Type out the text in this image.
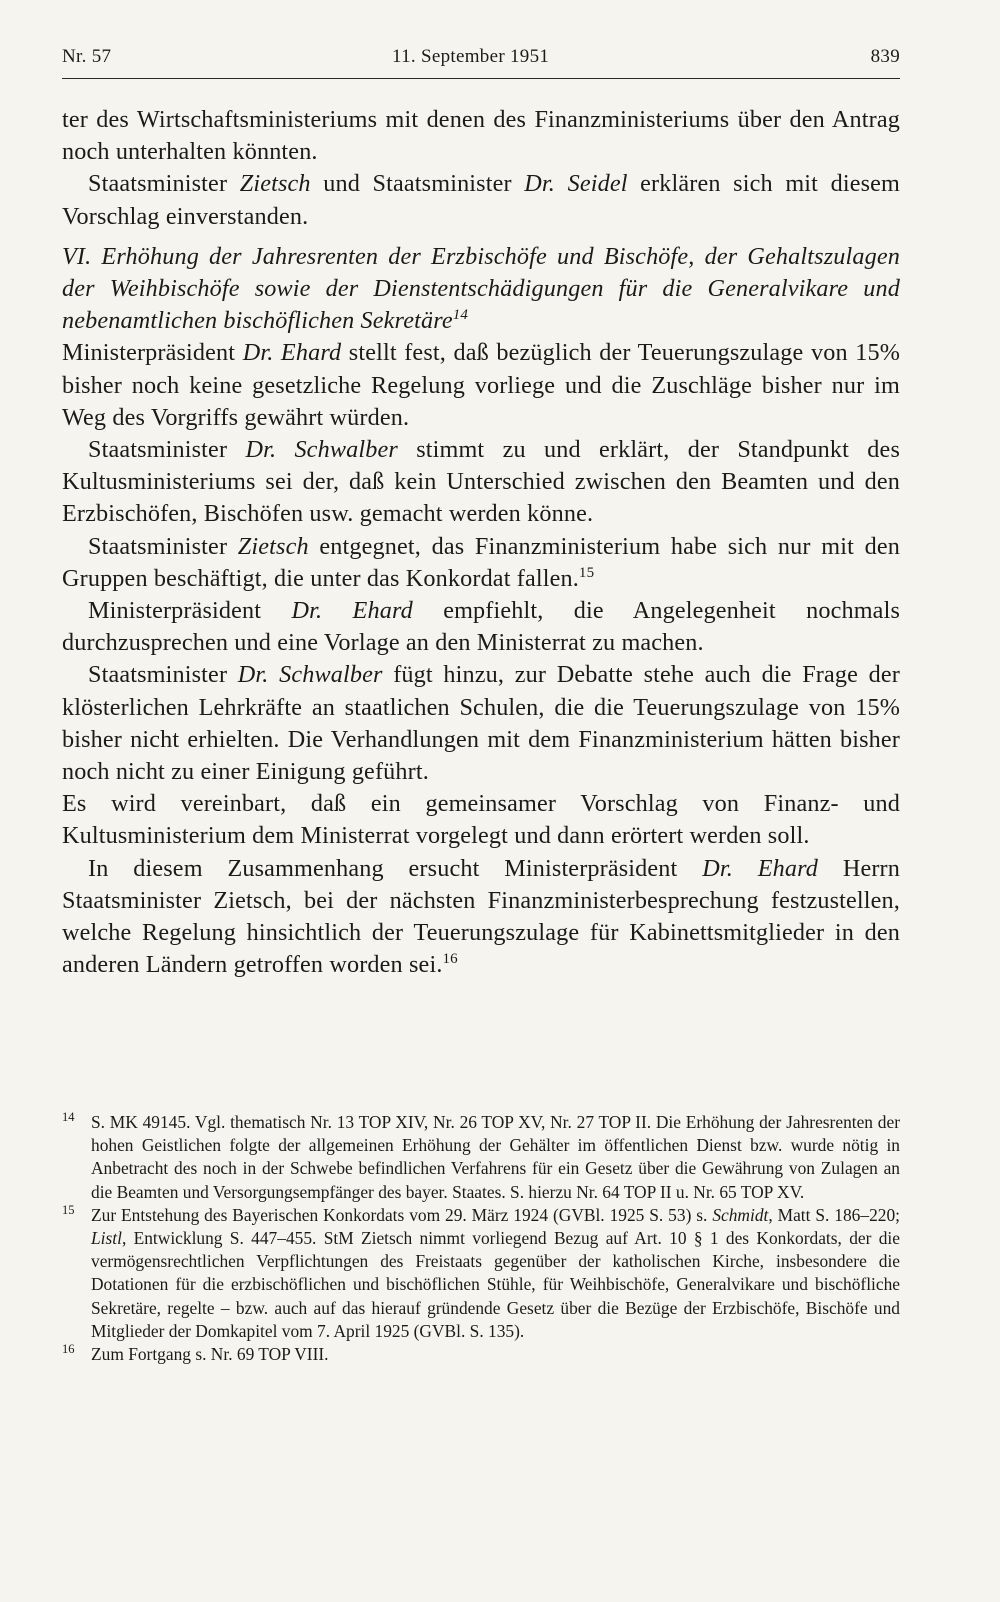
Nr. 57	11. September 1951	839

ter des Wirtschaftsministeriums mit denen des Finanzministeriums über den Antrag noch unterhalten könnten.

Staatsminister Zietsch und Staatsminister Dr. Seidel erklären sich mit diesem Vorschlag einverstanden.

VI. Erhöhung der Jahresrenten der Erzbischöfe und Bischöfe, der Gehaltszulagen der Weihbischöfe sowie der Dienstentschädigungen für die Generalvikare und nebenamtlichen bischöflichen Sekretäre$^{14}$

Ministerpräsident Dr. Ehard stellt fest, daß bezüglich der Teuerungszulage von 15% bisher noch keine gesetzliche Regelung vorliege und die Zuschläge bisher nur im Weg des Vorgriffs gewährt würden.

Staatsminister Dr. Schwalber stimmt zu und erklärt, der Standpunkt des Kultusministeriums sei der, daß kein Unterschied zwischen den Beamten und den Erzbischöfen, Bischöfen usw. gemacht werden könne.

Staatsminister Zietsch entgegnet, das Finanzministerium habe sich nur mit den Gruppen beschäftigt, die unter das Konkordat fallen.$^{15}$

Ministerpräsident Dr. Ehard empfiehlt, die Angelegenheit nochmals durchzusprechen und eine Vorlage an den Ministerrat zu machen.

Staatsminister Dr. Schwalber fügt hinzu, zur Debatte stehe auch die Frage der klösterlichen Lehrkräfte an staatlichen Schulen, die die Teuerungszulage von 15% bisher nicht erhielten. Die Verhandlungen mit dem Finanzministerium hätten bisher noch nicht zu einer Einigung geführt.

Es wird vereinbart, daß ein gemeinsamer Vorschlag von Finanz- und Kultusministerium dem Ministerrat vorgelegt und dann erörtert werden soll.

In diesem Zusammenhang ersucht Ministerpräsident Dr. Ehard Herrn Staatsminister Zietsch, bei der nächsten Finanzministerbesprechung festzustellen, welche Regelung hinsichtlich der Teuerungszulage für Kabinettsmitglieder in den anderen Ländern getroffen worden sei.$^{16}$

14 S. MK 49145. Vgl. thematisch Nr. 13 TOP XIV, Nr. 26 TOP XV, Nr. 27 TOP II. Die Erhöhung der Jahresrenten der hohen Geistlichen folgte der allgemeinen Erhöhung der Gehälter im öffentlichen Dienst bzw. wurde nötig in Anbetracht des noch in der Schwebe befindlichen Verfahrens für ein Gesetz über die Gewährung von Zulagen an die Beamten und Versorgungsempfänger des bayer. Staates. S. hierzu Nr. 64 TOP II u. Nr. 65 TOP XV.

15 Zur Entstehung des Bayerischen Konkordats vom 29. März 1924 (GVBl. 1925 S. 53) s. Schmidt, Matt S. 186–220; Listl, Entwicklung S. 447–455. StM Zietsch nimmt vorliegend Bezug auf Art. 10 § 1 des Konkordats, der die vermögensrechtlichen Verpflichtungen des Freistaats gegenüber der katholischen Kirche, insbesondere die Dotationen für die erzbischöflichen und bischöflichen Stühle, für Weihbischöfe, Generalvikare und bischöfliche Sekretäre, regelte – bzw. auch auf das hierauf gründende Gesetz über die Bezüge der Erzbischöfe, Bischöfe und Mitglieder der Domkapitel vom 7. April 1925 (GVBl. S. 135).

16 Zum Fortgang s. Nr. 69 TOP VIII.
